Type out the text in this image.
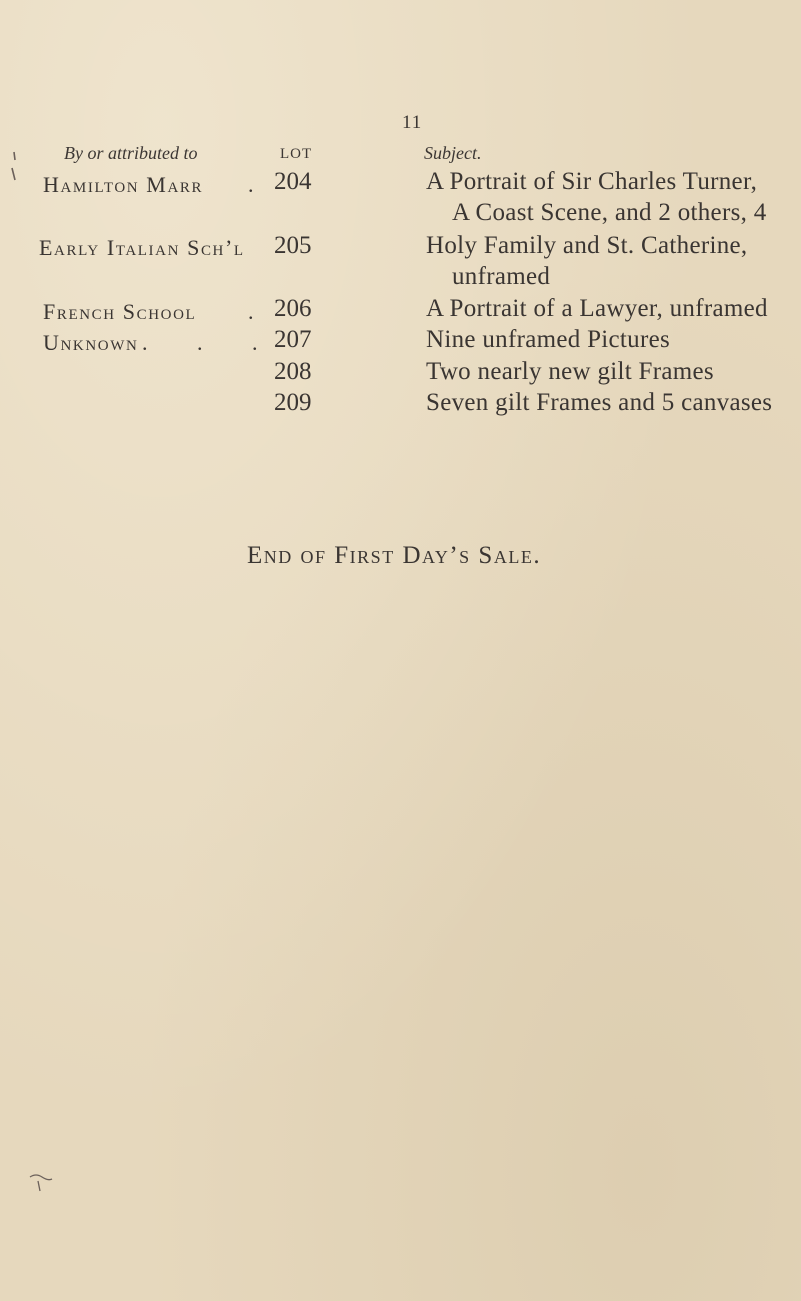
11
By or attributed to	LOT	Subject.
Hamilton Marr . 204	A Portrait of Sir Charles Turner,
A Coast Scene, and 2 others, 4
Early Italian Sch’l 205	Holy Family and St. Catherine,
unframed
French School . 206	A Portrait of a Lawyer, unframed
Unknown . . . 207	Nine unframed Pictures
208	Two nearly new gilt Frames
209	Seven gilt Frames and 5 canvases
End of First Day’s Sale.
